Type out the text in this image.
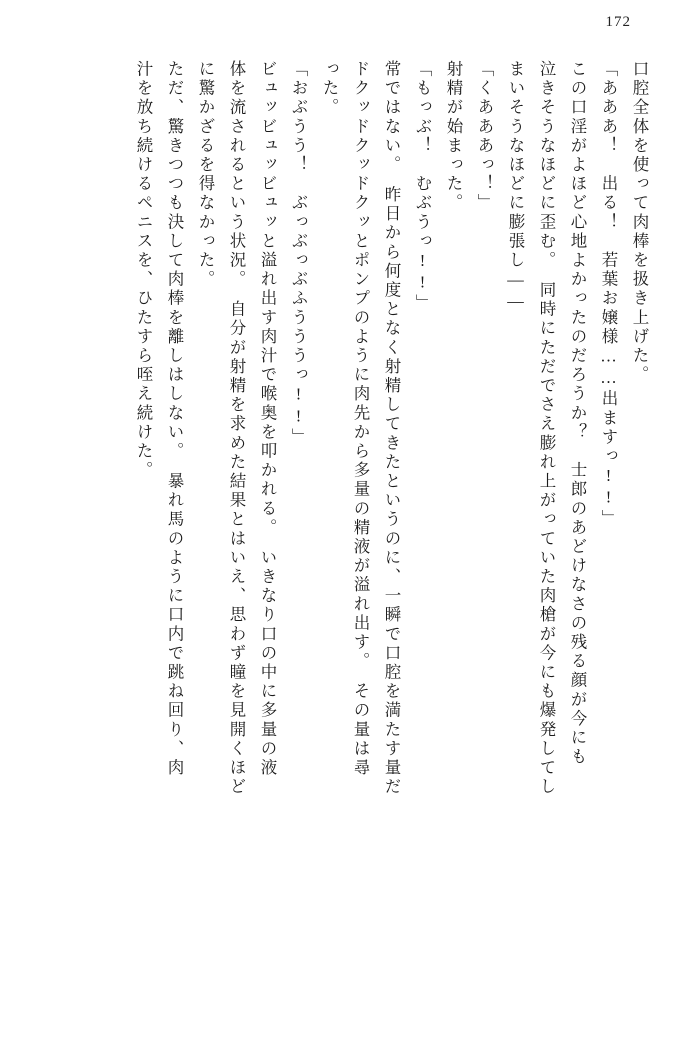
172
口腔全体を使って肉棒を扱き上げた。
「あああ！　出る！　若葉お嬢様……出ますっ!!」
この口淫がよほど心地よかったのだろうか？　士郎のあどけなさの残る顔が今にも
泣きそうなほどに歪む。　同時にただでさえ膨れ上がっていた肉槍が今にも爆発してし
まいそうなほどに膨張し——
「くあああっ！」
射精が始まった。
「もっぶ！　むぶうっ!!」
常ではない。　昨日から何度となく射精してきたというのに、一瞬で口腔を満たす量だ
ドクッドクッドクッとポンプのように肉先から多量の精液が溢れ出す。　その量は尋
った。
「おぶうう！　ぶっぶっぶふうううっ!!」
ビュッビュッビュッと溢れ出す肉汁で喉奥を叩かれる。　いきなり口の中に多量の液
体を流されるという状況。　自分が射精を求めた結果とはいえ、思わず瞳を見開くほど
に驚かざるを得なかった。
ただ、驚きつつも決して肉棒を離しはしない。　暴れ馬のように口内で跳ね回り、肉
汁を放ち続けるペニスを、ひたすら咥え続けた。
